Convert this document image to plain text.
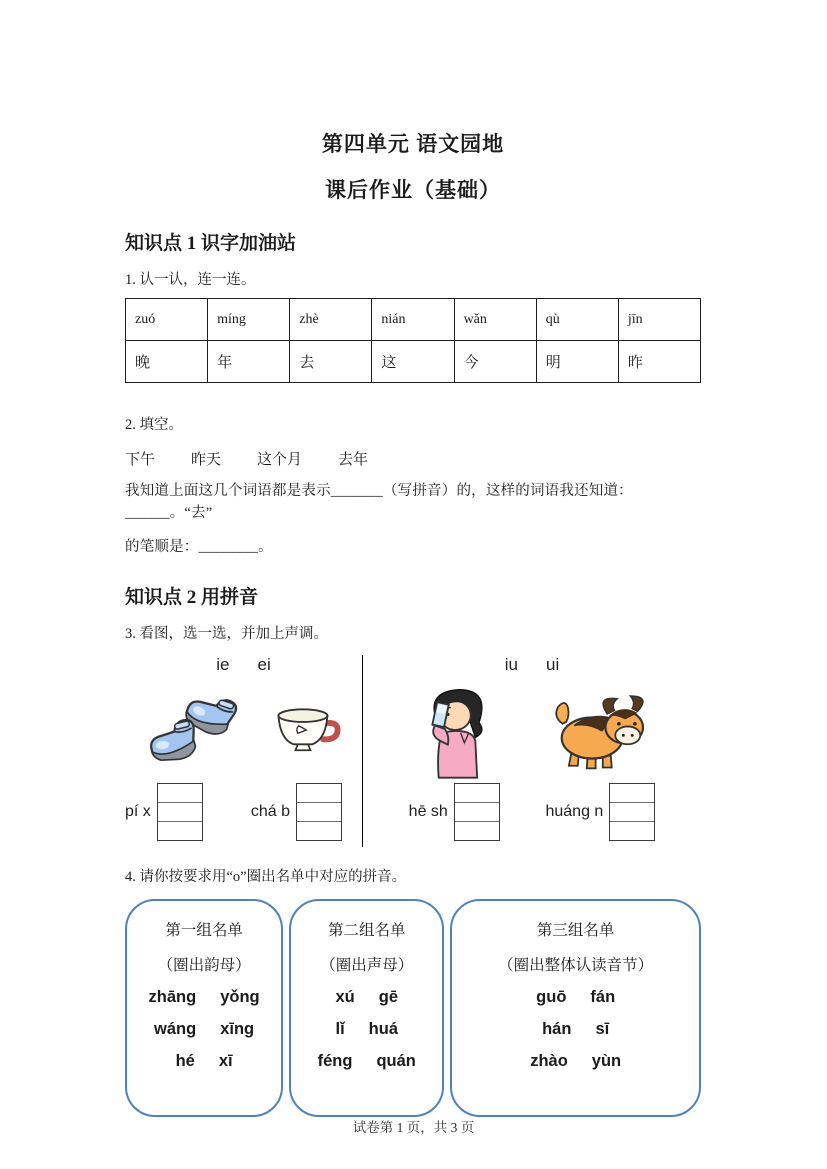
第四单元 语文园地
课后作业（基础）
知识点 1 识字加油站
1. 认一认，连一连。
zuó	míng	zhè	nián	wǎn	qù	jīn
晚	年	去	这	今	明	昨
2. 填空。
下午 昨天 这个月 去年
我知道上面这几个词语都是表示_______（写拼音）的，这样的词语我还知道：______。“去”
的笔顺是：________。
知识点 2 用拼音
3. 看图，选一选，并加上声调。
ie ei
pí x	chá b
iu ui
hē sh	huáng n
4. 请你按要求用“o”圈出名单中对应的拼音。
第一组名单
（圈出韵母）
zhāng yǒng
wáng xīng
hé xī
第二组名单
（圈出声母）
xú gē
lǐ huá
féng quán
第三组名单
（圈出整体认读音节）
guō fán
hán sī
zhào yùn
试卷第 1 页，共 3 页
